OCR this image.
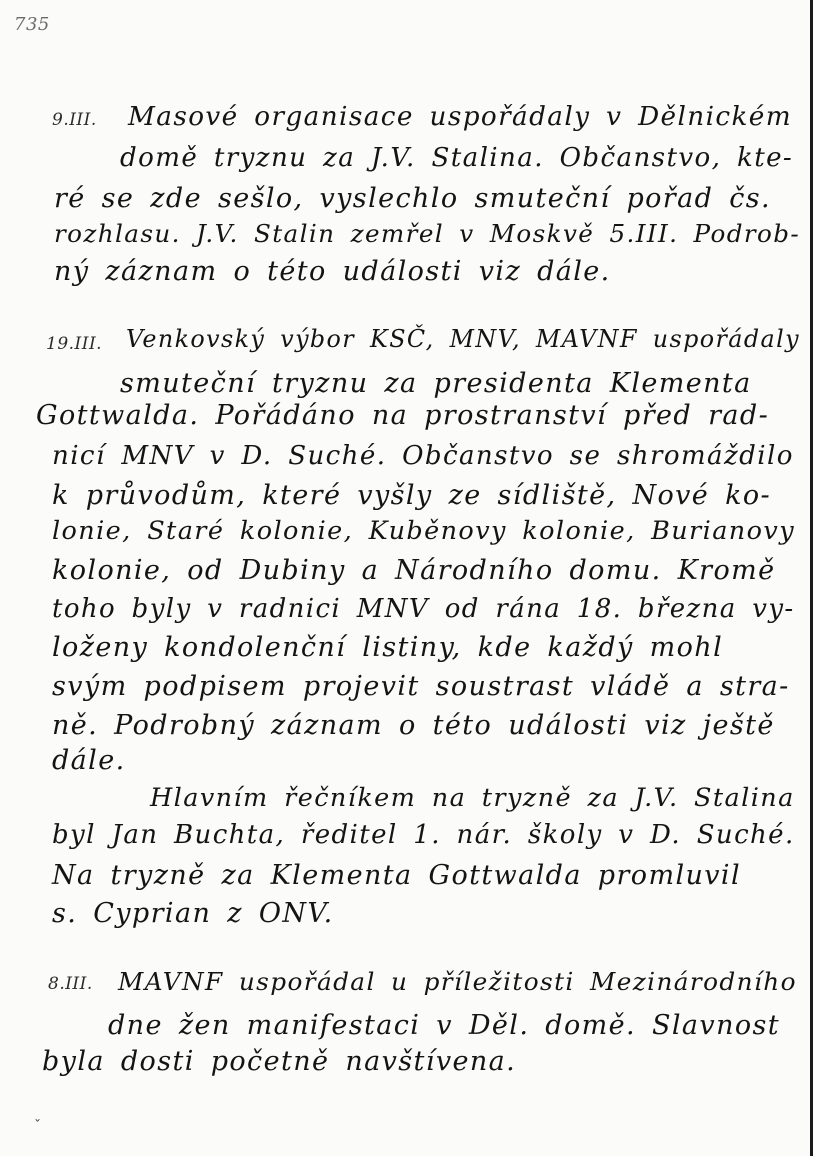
735
9.III. Masové organisace uspořádaly v Dělnickém
domě tryznu za J.V. Stalina. Občanstvo, kte-
ré se zde sešlo, vyslechlo smuteční pořad čs.
rozhlasu. J.V. Stalin zemřel v Moskvě 5.III. Podrob-
ný záznam o této události viz dále.
19.III. Venkovský výbor KSČ, MNV, MAVNF uspořádaly
smuteční tryznu za presidenta Klementa
Gottwalda. Pořádáno na prostranství před rad-
nicí MNV v D. Suché. Občanstvo se shromáždilo
k průvodům, které vyšly ze sídliště, Nové ko-
lonie, Staré kolonie, Kuběnovy kolonie, Burianovy
kolonie, od Dubiny a Národního domu. Kromě
toho byly v radnici MNV od rána 18. března vy-
loženy kondolenční listiny, kde každý mohl
svým podpisem projevit soustrast vládě a stra-
ně. Podrobný záznam o této události viz ještě
dále.
Hlavním řečníkem na tryzně za J.V. Stalina
byl Jan Buchta, ředitel 1. nár. školy v D. Suché.
Na tryzně za Klementa Gottwalda promluvil
s. Cyprian z ONV.
8.III. MAVNF uspořádal u příležitosti Mezinárodního
dne žen manifestaci v Děl. domě. Slavnost
byla dosti početně navštívena.
ˇ
